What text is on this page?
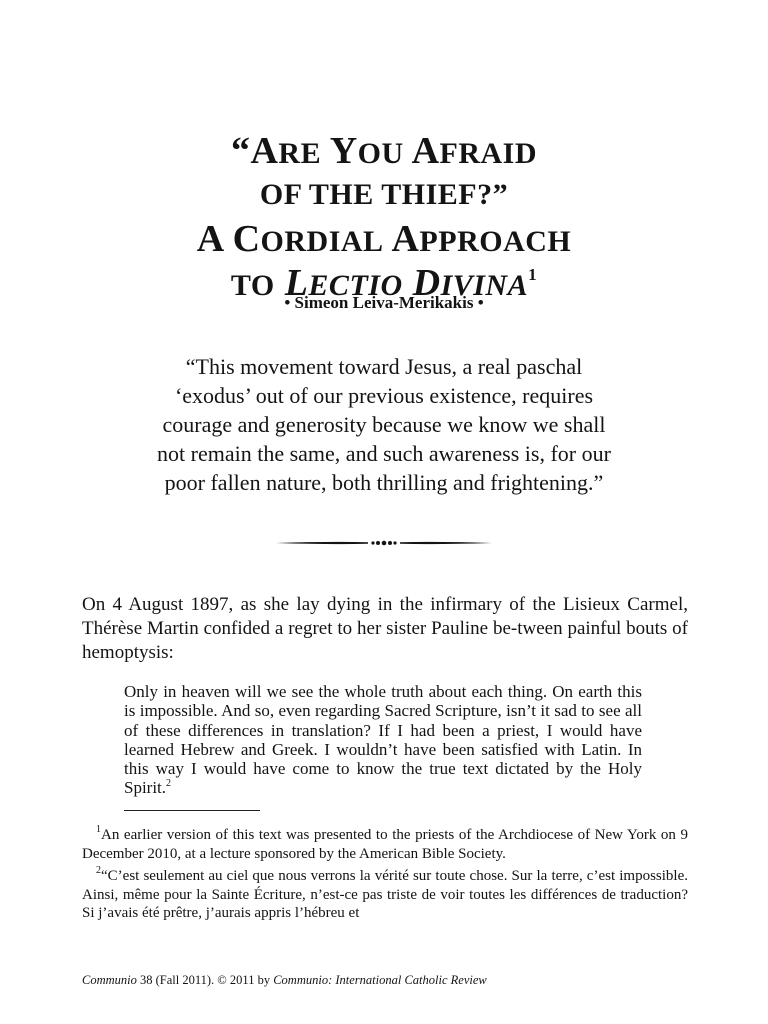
“ARE YOU AFRAID
OF THE THIEF?”
A CORDIAL APPROACH
TO LECTIO DIVINA$^1$
• Simeon Leiva-Merikakis •
“This movement toward Jesus, a real paschal
‘exodus’ out of our previous existence, requires
courage and generosity because we know we shall
not remain the same, and such awareness is, for our
poor fallen nature, both thrilling and frightening.”

On 4 August 1897, as she lay dying in the infirmary of the Lisieux Carmel, Thérèse Martin confided a regret to her sister Pauline be-tween painful bouts of hemoptysis:

Only in heaven will we see the whole truth about each thing. On earth this is impossible. And so, even regarding Sacred Scripture, isn’t it sad to see all of these differences in translation? If I had been a priest, I would have learned Hebrew and Greek. I wouldn’t have been satisfied with Latin. In this way I would have come to know the true text dictated by the Holy Spirit.$^2$

$^1$An earlier version of this text was presented to the priests of the Archdiocese of New York on 9 December 2010, at a lecture sponsored by the American Bible Society.

$^2$“C’est seulement au ciel que nous verrons la vérité sur toute chose. Sur la terre, c’est impossible. Ainsi, même pour la Sainte Écriture, n’est-ce pas triste de voir toutes les différences de traduction? Si j’avais été prêtre, j’aurais appris l’hébreu et

Communio 38 (Fall 2011). © 2011 by Communio: International Catholic Review
